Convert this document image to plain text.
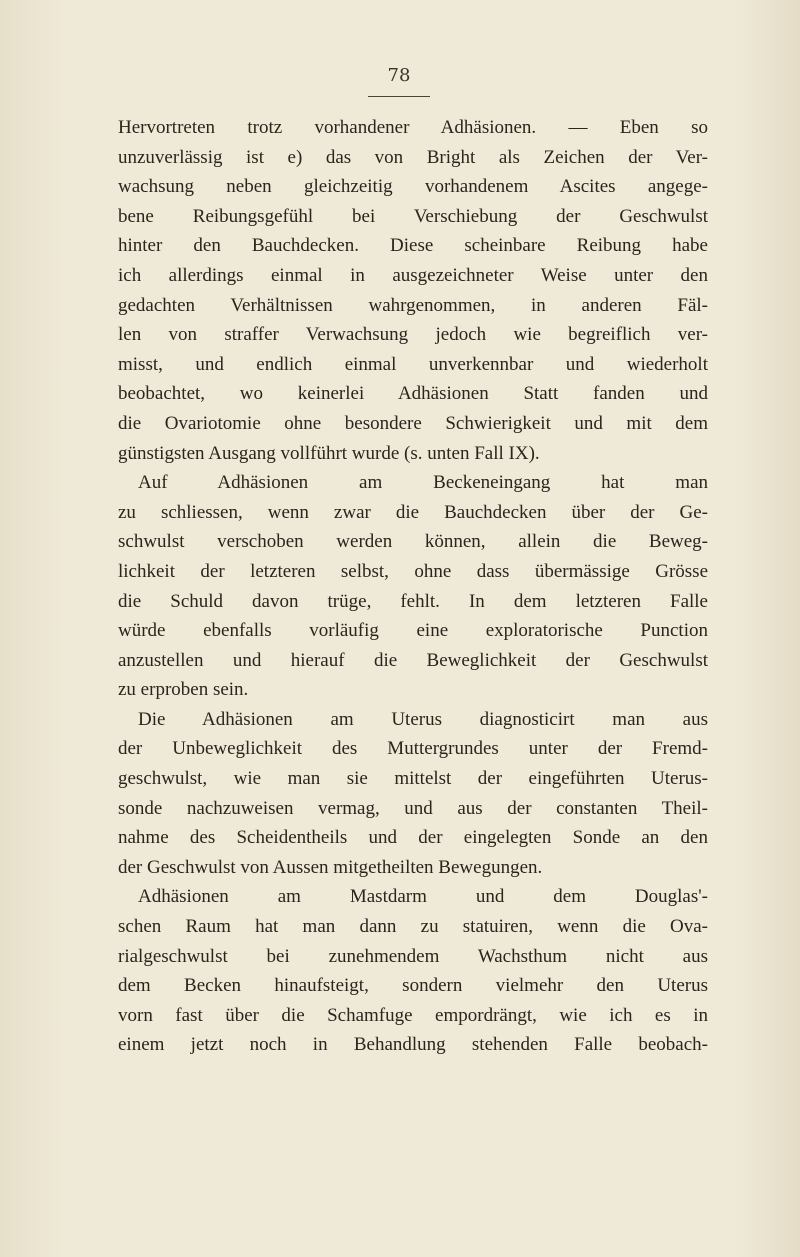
78
Hervortreten trotz vorhandener Adhäsionen. — Eben so
unzuverlässig ist e) das von Bright als Zeichen der Ver-
wachsung neben gleichzeitig vorhandenem Ascites angege-
bene Reibungsgefühl bei Verschiebung der Geschwulst
hinter den Bauchdecken. Diese scheinbare Reibung habe
ich allerdings einmal in ausgezeichneter Weise unter den
gedachten Verhältnissen wahrgenommen, in anderen Fäl-
len von straffer Verwachsung jedoch wie begreiflich ver-
misst, und endlich einmal unverkennbar und wiederholt
beobachtet, wo keinerlei Adhäsionen Statt fanden und
die Ovariotomie ohne besondere Schwierigkeit und mit dem
günstigsten Ausgang vollführt wurde (s. unten Fall IX).
Auf Adhäsionen am Beckeneingang hat man
zu schliessen, wenn zwar die Bauchdecken über der Ge-
schwulst verschoben werden können, allein die Beweg-
lichkeit der letzteren selbst, ohne dass übermässige Grösse
die Schuld davon trüge, fehlt. In dem letzteren Falle
würde ebenfalls vorläufig eine exploratorische Punction
anzustellen und hierauf die Beweglichkeit der Geschwulst
zu erproben sein.
Die Adhäsionen am Uterus diagnosticirt man aus
der Unbeweglichkeit des Muttergrundes unter der Fremd-
geschwulst, wie man sie mittelst der eingeführten Uterus-
sonde nachzuweisen vermag, und aus der constanten Theil-
nahme des Scheidentheils und der eingelegten Sonde an den
der Geschwulst von Aussen mitgetheilten Bewegungen.
Adhäsionen am Mastdarm und dem Douglas'-
schen Raum hat man dann zu statuiren, wenn die Ova-
rialgeschwulst bei zunehmendem Wachsthum nicht aus
dem Becken hinaufsteigt, sondern vielmehr den Uterus
vorn fast über die Schamfuge empordrängt, wie ich es in
einem jetzt noch in Behandlung stehenden Falle beobach-
